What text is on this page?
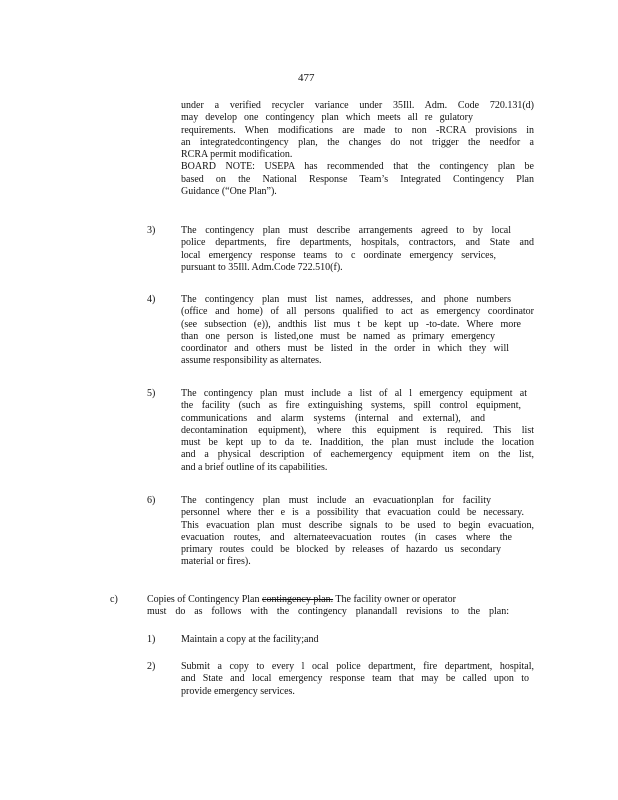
477
under a verified recycler variance under 35Ill. Adm. Code 720.131(d)
may develop one contingency plan which meets all re gulatory
requirements. When modifications are made to non -RCRA provisions in
an integratedcontingency plan, the changes do not trigger the needfor a
RCRA permit modification.
BOARD NOTE: USEPA has recommended that the contingency plan be
based on the National Response Team’s Integrated Contingency Plan
Guidance (“One Plan”).
3)	The contingency plan must describe arrangements agreed to by local
police departments, fire departments, hospitals, contractors, and State and
local emergency response teams to c oordinate emergency services,
pursuant to 35Ill. Adm.Code 722.510(f).
4)	The contingency plan must list names, addresses, and phone numbers
(office and home) of all persons qualified to act as emergency coordinator
(see subsection (e)), andthis list mus t be kept up -to-date. Where more
than one person is listed,one must be named as primary emergency
coordinator and others must be listed in the order in which they will
assume responsibility as alternates.
5)	The contingency plan must include a list of al l emergency equipment at
the facility (such as fire extinguishing systems, spill control equipment,
communications and alarm systems (internal and external), and
decontamination equipment), where this equipment is required. This list
must be kept up to da te. Inaddition, the plan must include the location
and a physical description of eachemergency equipment item on the list,
and a brief outline of its capabilities.
6)	The contingency plan must include an evacuationplan for facility
personnel where ther e is a possibility that evacuation could be necessary.
This evacuation plan must describe signals to be used to begin evacuation,
evacuation routes, and alternateevacuation routes (in cases where the
primary routes could be blocked by releases of hazardo us secondary
material or fires).
c)	Copies of Contingency Plan contingency plan. The facility owner or operator
must do as follows with the contingency planandall revisions to the plan:
1)	Maintain a copy at the facility;and
2)	Submit a copy to every l ocal police department, fire department, hospital,
and State and local emergency response team that may be called upon to
provide emergency services.
